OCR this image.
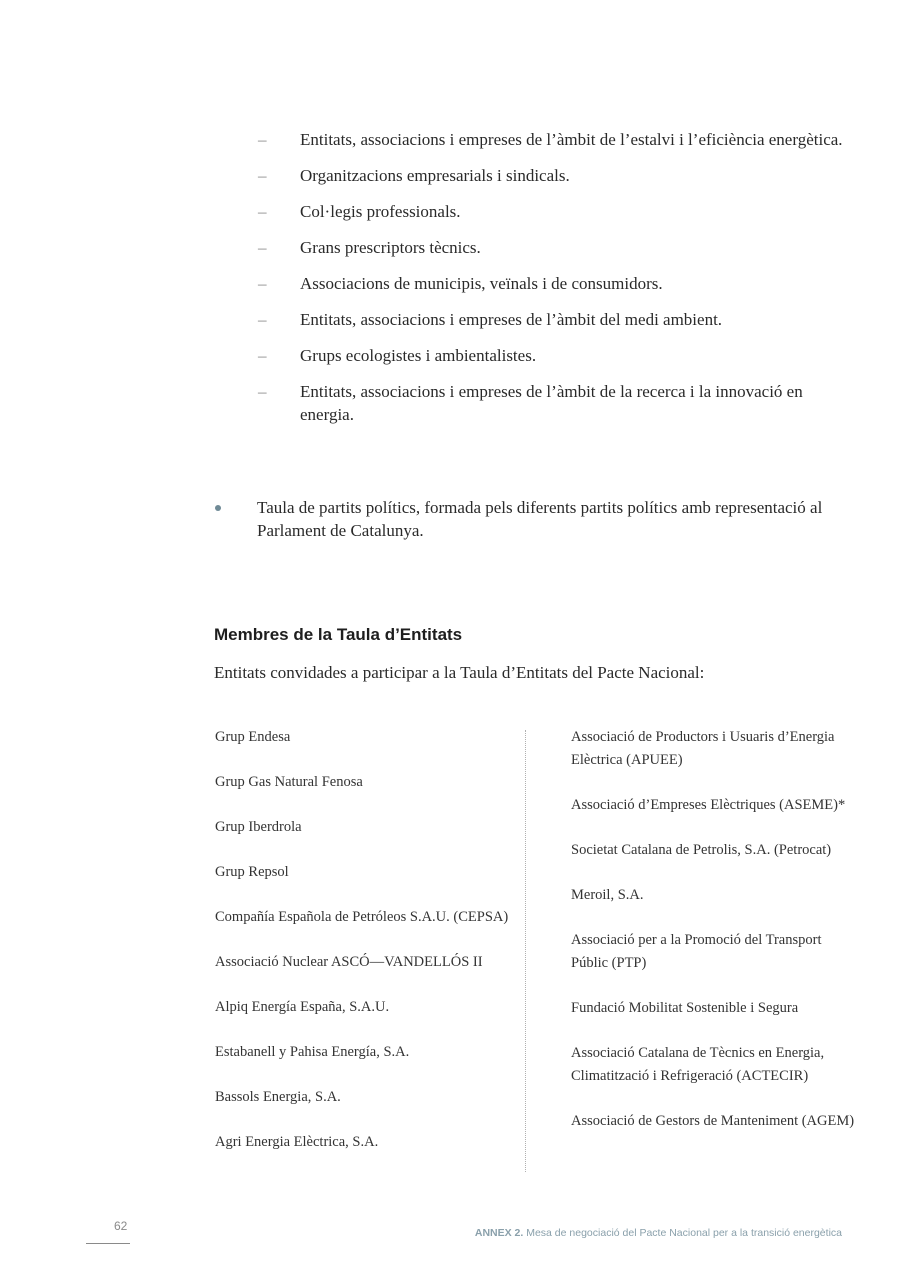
– Entitats, associacions i empreses de l’àmbit de l’estalvi i l’eficiència energètica.
– Organitzacions empresarials i sindicals.
– Col·legis professionals.
– Grans prescriptors tècnics.
– Associacions de municipis, veïnals i de consumidors.
– Entitats, associacions i empreses de l’àmbit del medi ambient.
– Grups ecologistes i ambientalistes.
– Entitats, associacions i empreses de l’àmbit de la recerca i la innovació en energia.
Taula de partits polítics, formada pels diferents partits polítics amb representació al Parlament de Catalunya.
Membres de la Taula d’Entitats

Entitats convidades a participar a la Taula d’Entitats del Pacte Nacional:

Grup Endesa
Grup Gas Natural Fenosa
Grup Iberdrola
Grup Repsol
Compañía Española de Petróleos S.A.U. (CEPSA)
Associació Nuclear ASCÓ—VANDELLÓS II
Alpiq Energía España, S.A.U.
Estabanell y Pahisa Energía, S.A.
Bassols Energia, S.A.
Agri Energia Elèctrica, S.A.
Associació de Productors i Usuaris d’Energia Elèctrica (APUEE)
Associació d’Empreses Elèctriques (ASEME)*
Societat Catalana de Petrolis, S.A. (Petrocat)
Meroil, S.A.
Associació per a la Promoció del Transport Públic (PTP)
Fundació Mobilitat Sostenible i Segura
Associació Catalana de Tècnics en Energia, Climatització i Refrigeració (ACTECIR)
Associació de Gestors de Manteniment (AGEM)
62	ANNEX 2. Mesa de negociació del Pacte Nacional per a la transició energètica
